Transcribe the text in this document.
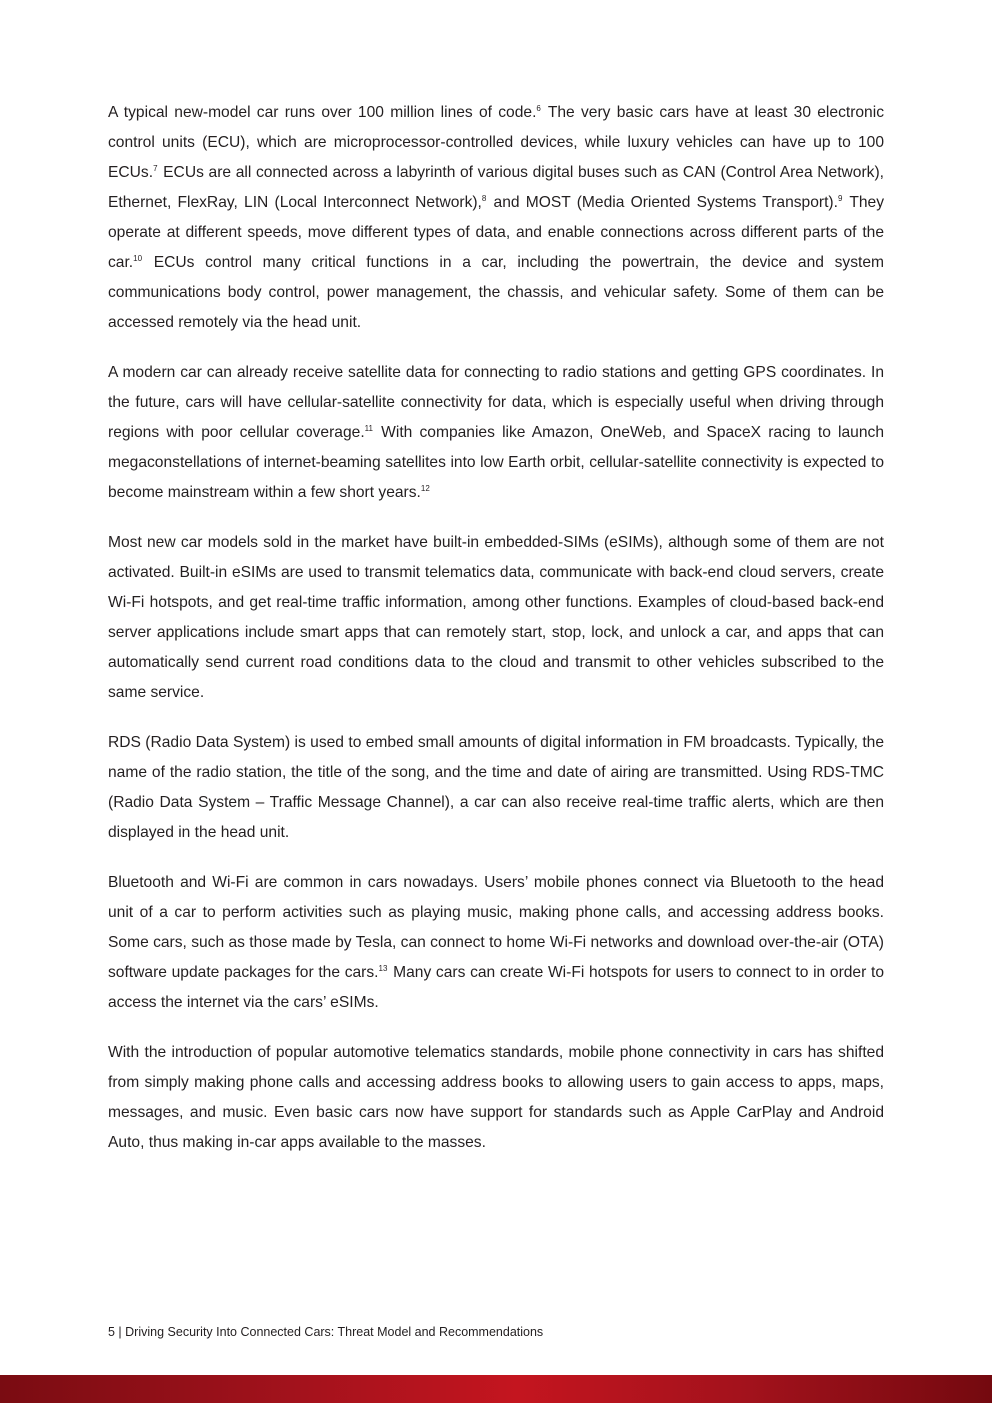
A typical new-model car runs over 100 million lines of code.$^6$ The very basic cars have at least 30 electronic control units (ECU), which are microprocessor-controlled devices, while luxury vehicles can have up to 100 ECUs.$^7$ ECUs are all connected across a labyrinth of various digital buses such as CAN (Control Area Network), Ethernet, FlexRay, LIN (Local Interconnect Network),$^8$ and MOST (Media Oriented Systems Transport).$^9$ They operate at different speeds, move different types of data, and enable connections across different parts of the car.$^{10}$ ECUs control many critical functions in a car, including the powertrain, the device and system communications body control, power management, the chassis, and vehicular safety. Some of them can be accessed remotely via the head unit.

A modern car can already receive satellite data for connecting to radio stations and getting GPS coordinates. In the future, cars will have cellular-satellite connectivity for data, which is especially useful when driving through regions with poor cellular coverage.$^{11}$ With companies like Amazon, OneWeb, and SpaceX racing to launch megaconstellations of internet-beaming satellites into low Earth orbit, cellular-satellite connectivity is expected to become mainstream within a few short years.$^{12}$

Most new car models sold in the market have built-in embedded-SIMs (eSIMs), although some of them are not activated. Built-in eSIMs are used to transmit telematics data, communicate with back-end cloud servers, create Wi-Fi hotspots, and get real-time traffic information, among other functions. Examples of cloud-based back-end server applications include smart apps that can remotely start, stop, lock, and unlock a car, and apps that can automatically send current road conditions data to the cloud and transmit to other vehicles subscribed to the same service.

RDS (Radio Data System) is used to embed small amounts of digital information in FM broadcasts. Typically, the name of the radio station, the title of the song, and the time and date of airing are transmitted. Using RDS-TMC (Radio Data System – Traffic Message Channel), a car can also receive real-time traffic alerts, which are then displayed in the head unit.

Bluetooth and Wi-Fi are common in cars nowadays. Users’ mobile phones connect via Bluetooth to the head unit of a car to perform activities such as playing music, making phone calls, and accessing address books. Some cars, such as those made by Tesla, can connect to home Wi-Fi networks and download over-the-air (OTA) software update packages for the cars.$^{13}$ Many cars can create Wi-Fi hotspots for users to connect to in order to access the internet via the cars’ eSIMs.

With the introduction of popular automotive telematics standards, mobile phone connectivity in cars has shifted from simply making phone calls and accessing address books to allowing users to gain access to apps, maps, messages, and music. Even basic cars now have support for standards such as Apple CarPlay and Android Auto, thus making in-car apps available to the masses.

5 | Driving Security Into Connected Cars: Threat Model and Recommendations
